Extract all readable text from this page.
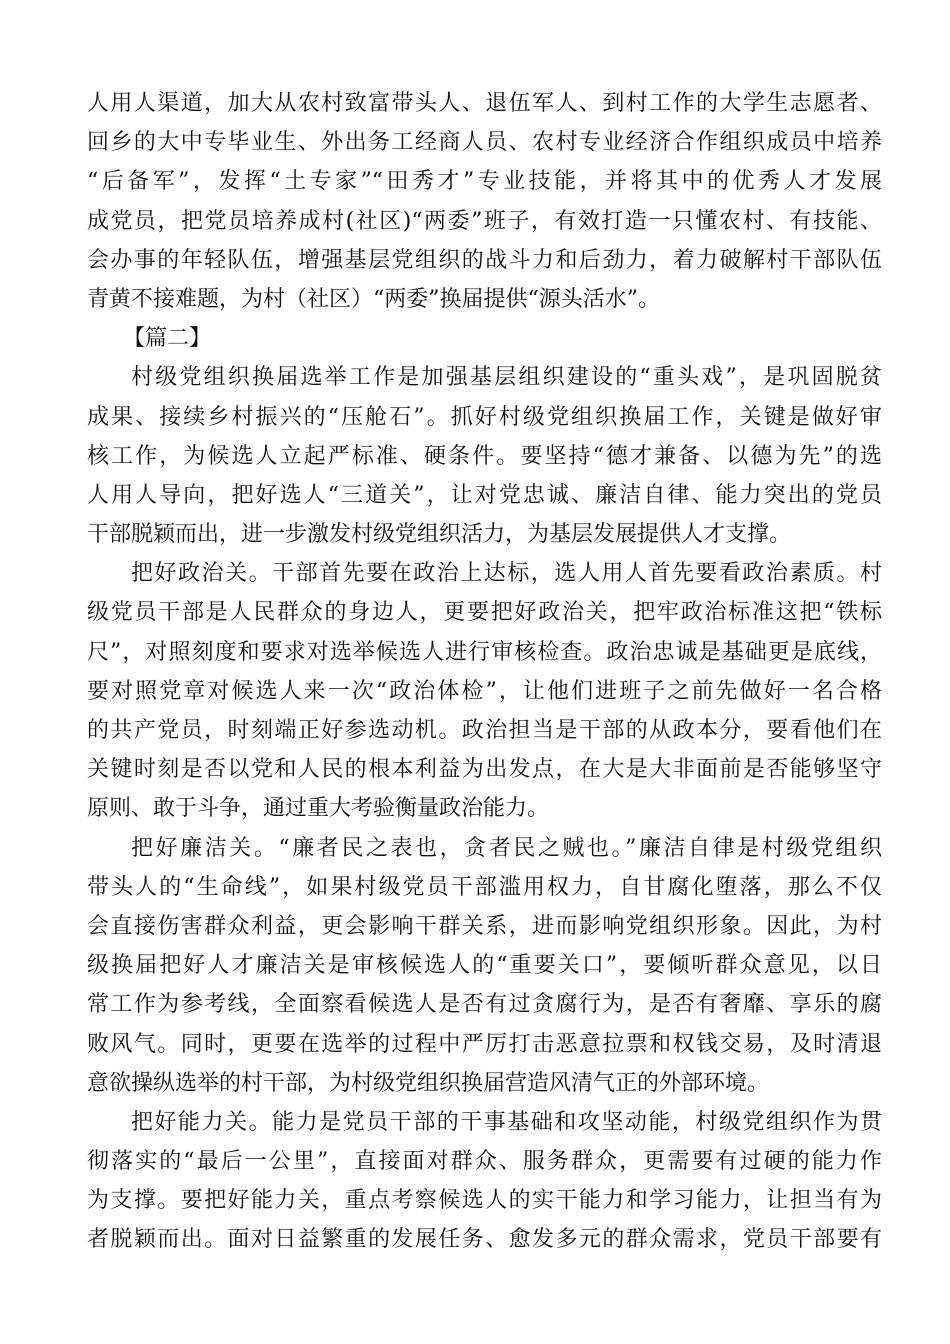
人用人渠道，加大从农村致富带头人、退伍军人、到村工作的大学生志愿者、
回乡的大中专毕业生、外出务工经商人员、农村专业经济合作组织成员中培养
“后备军”，发挥“土专家”“田秀才”专业技能，并将其中的优秀人才发展
成党员，把党员培养成村(社区)“两委”班子，有效打造一只懂农村、有技能、
会办事的年轻队伍，增强基层党组织的战斗力和后劲力，着力破解村干部队伍
青黄不接难题，为村（社区）“两委”换届提供“源头活水”。
【篇二】
村级党组织换届选举工作是加强基层组织建设的“重头戏”，是巩固脱贫
成果、接续乡村振兴的“压舱石”。抓好村级党组织换届工作，关键是做好审
核工作，为候选人立起严标准、硬条件。要坚持“德才兼备、以德为先”的选
人用人导向，把好选人“三道关”，让对党忠诚、廉洁自律、能力突出的党员
干部脱颖而出，进一步激发村级党组织活力，为基层发展提供人才支撑。
把好政治关。干部首先要在政治上达标，选人用人首先要看政治素质。村
级党员干部是人民群众的身边人，更要把好政治关，把牢政治标准这把“铁标
尺”，对照刻度和要求对选举候选人进行审核检查。政治忠诚是基础更是底线，
要对照党章对候选人来一次“政治体检”，让他们进班子之前先做好一名合格
的共产党员，时刻端正好参选动机。政治担当是干部的从政本分，要看他们在
关键时刻是否以党和人民的根本利益为出发点，在大是大非面前是否能够坚守
原则、敢于斗争，通过重大考验衡量政治能力。
把好廉洁关。“廉者民之表也，贪者民之贼也。”廉洁自律是村级党组织
带头人的“生命线”，如果村级党员干部滥用权力，自甘腐化堕落，那么不仅
会直接伤害群众利益，更会影响干群关系，进而影响党组织形象。因此，为村
级换届把好人才廉洁关是审核候选人的“重要关口”，要倾听群众意见，以日
常工作为参考线，全面察看候选人是否有过贪腐行为，是否有奢靡、享乐的腐
败风气。同时，更要在选举的过程中严厉打击恶意拉票和权钱交易，及时清退
意欲操纵选举的村干部，为村级党组织换届营造风清气正的外部环境。
把好能力关。能力是党员干部的干事基础和攻坚动能，村级党组织作为贯
彻落实的“最后一公里”，直接面对群众、服务群众，更需要有过硬的能力作
为支撑。要把好能力关，重点考察候选人的实干能力和学习能力，让担当有为
者脱颖而出。面对日益繁重的发展任务、愈发多元的群众需求，党员干部要有
